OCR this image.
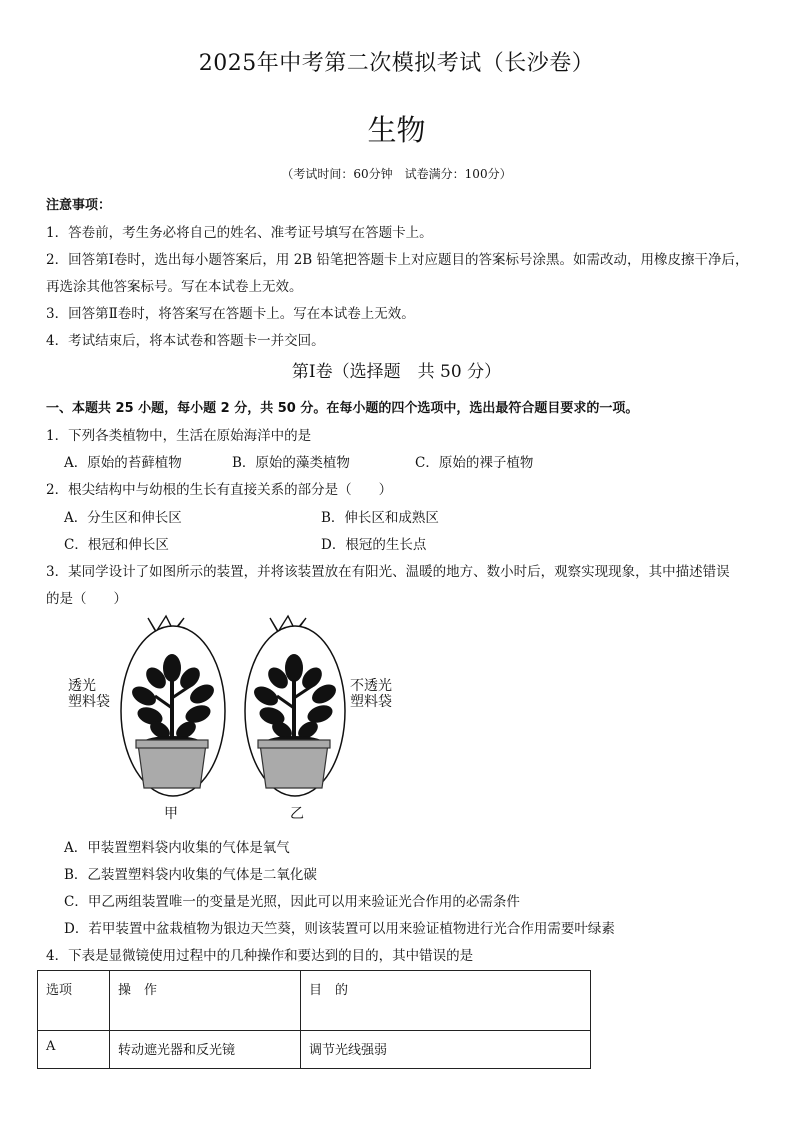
2025年中考第二次模拟考试（长沙卷）
生物
（考试时间：60分钟　试卷满分：100分）
注意事项：
1．答卷前，考生务必将自己的姓名、准考证号填写在答题卡上。
2．回答第Ⅰ卷时，选出每小题答案后，用 2B 铅笔把答题卡上对应题目的答案标号涂黑。如需改动，用橡皮擦干净后，
再选涂其他答案标号。写在本试卷上无效。
3．回答第Ⅱ卷时，将答案写在答题卡上。写在本试卷上无效。
4．考试结束后，将本试卷和答题卡一并交回。
第Ⅰ卷（选择题　共 50 分）
一、本题共 25 小题，每小题 2 分，共 50 分。在每小题的四个选项中，选出最符合题目要求的一项。
1．下列各类植物中，生活在原始海洋中的是
A．原始的苔藓植物	B．原始的藻类植物	C．原始的裸子植物
2．根尖结构中与幼根的生长有直接关系的部分是（　　）
A．分生区和伸长区	B．伸长区和成熟区
C．根冠和伸长区	D．根冠的生长点
3．某同学设计了如图所示的装置，并将该装置放在有阳光、温暖的地方、数小时后，观察实现现象，其中描述错误
的是（　　）
透光
塑料袋
甲
不透光
塑料袋
乙
A．甲装置塑料袋内收集的气体是氧气
B．乙装置塑料袋内收集的气体是二氧化碳
C．甲乙两组装置唯一的变量是光照，因此可以用来验证光合作用的必需条件
D．若甲装置中盆栽植物为银边天竺葵，则该装置可以用来验证植物进行光合作用需要叶绿素
4．下表是显微镜使用过程中的几种操作和要达到的目的，其中错误的是
选项	操　作	目　的
A	转动遮光器和反光镜	调节光线强弱
